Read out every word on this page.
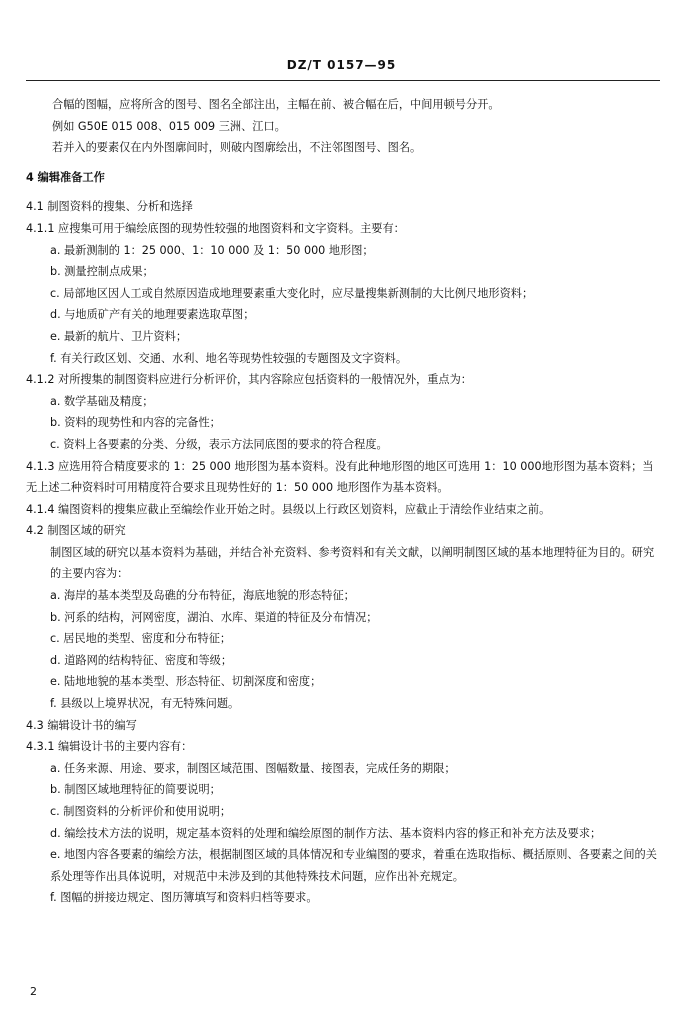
DZ/T 0157—95
合幅的图幅，应将所含的图号、图名全部注出，主幅在前、被合幅在后，中间用顿号分开。
例如 G50E 015 008、015 009 三洲、江口。
若并入的要素仅在内外图廓间时，则破内图廓绘出，不注邻图图号、图名。
4 编辑准备工作
4.1 制图资料的搜集、分析和选择
4.1.1 应搜集可用于编绘底图的现势性较强的地图资料和文字资料。主要有：
a. 最新测制的 1：25 000、1：10 000 及 1：50 000 地形图；
b. 测量控制点成果；
c. 局部地区因人工或自然原因造成地理要素重大变化时，应尽量搜集新测制的大比例尺地形资料；
d. 与地质矿产有关的地理要素选取草图；
e. 最新的航片、卫片资料；
f. 有关行政区划、交通、水利、地名等现势性较强的专题图及文字资料。
4.1.2 对所搜集的制图资料应进行分析评价，其内容除应包括资料的一般情况外，重点为：
a. 数学基础及精度；
b. 资料的现势性和内容的完备性；
c. 资料上各要素的分类、分级，表示方法同底图的要求的符合程度。
4.1.3 应选用符合精度要求的 1：25 000 地形图为基本资料。没有此种地形图的地区可选用 1：10 000地形图为基本资料；当无上述二种资料时可用精度符合要求且现势性好的 1：50 000 地形图作为基本资料。
4.1.4 编图资料的搜集应截止至编绘作业开始之时。县级以上行政区划资料，应截止于清绘作业结束之前。
4.2 制图区域的研究
制图区域的研究以基本资料为基础，并结合补充资料、参考资料和有关文献，以阐明制图区域的基本地理特征为目的。研究的主要内容为：
a. 海岸的基本类型及岛礁的分布特征，海底地貌的形态特征；
b. 河系的结构，河网密度，湖泊、水库、渠道的特征及分布情况；
c. 居民地的类型、密度和分布特征；
d. 道路网的结构特征、密度和等级；
e. 陆地地貌的基本类型、形态特征、切割深度和密度；
f. 县级以上境界状况，有无特殊问题。
4.3 编辑设计书的编写
4.3.1 编辑设计书的主要内容有：
a. 任务来源、用途、要求，制图区域范围、图幅数量、接图表，完成任务的期限；
b. 制图区域地理特征的简要说明；
c. 制图资料的分析评价和使用说明；
d. 编绘技术方法的说明，规定基本资料的处理和编绘原图的制作方法、基本资料内容的修正和补充方法及要求；
e. 地图内容各要素的编绘方法，根据制图区域的具体情况和专业编图的要求，着重在选取指标、概括原则、各要素之间的关系处理等作出具体说明，对规范中未涉及到的其他特殊技术问题，应作出补充规定。
f. 图幅的拼接边规定、图历簿填写和资料归档等要求。
2
